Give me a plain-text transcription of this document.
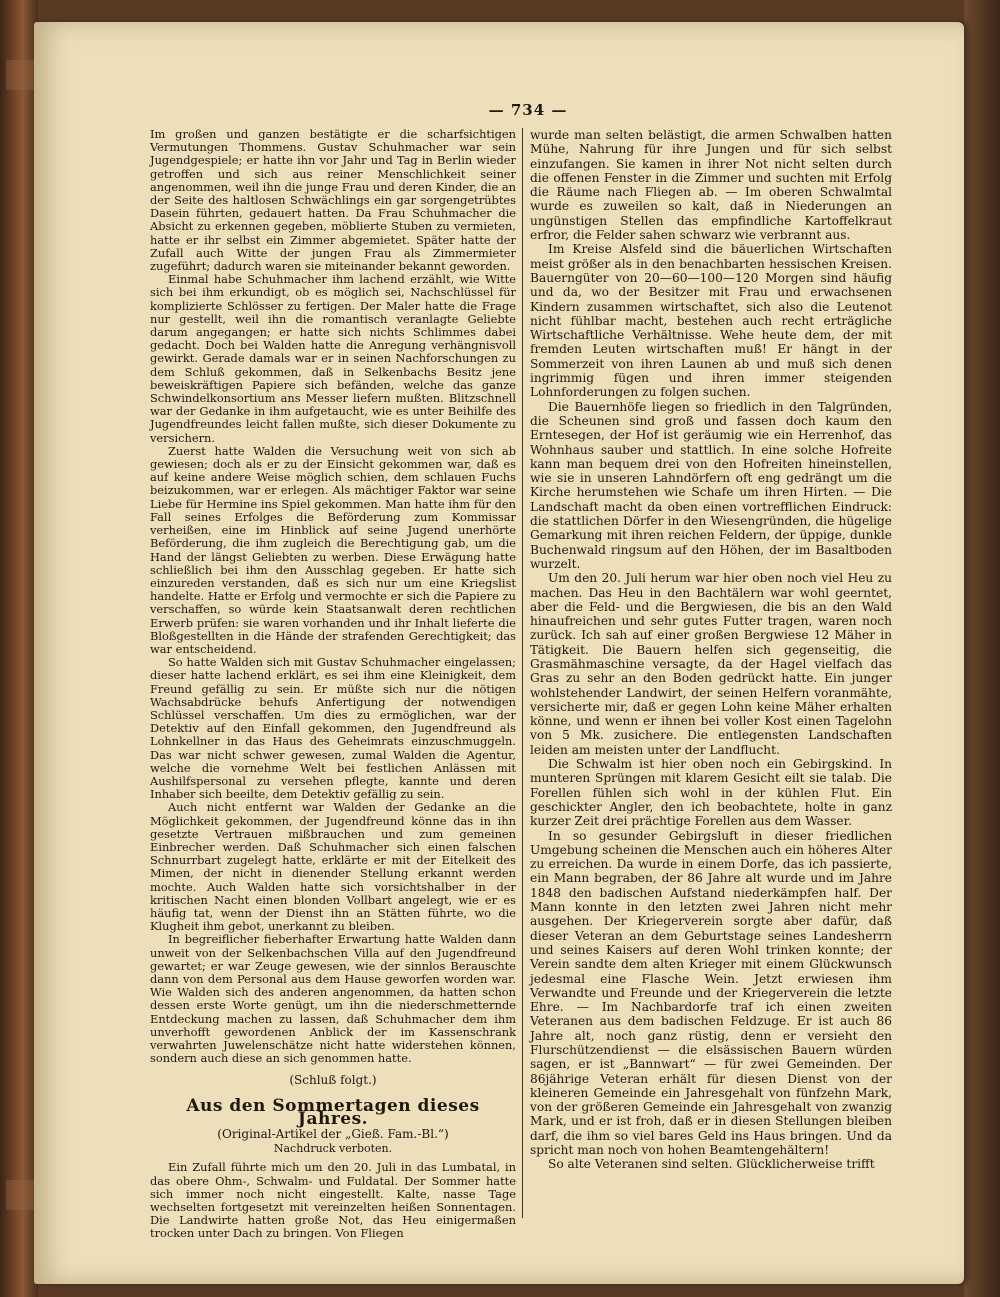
— 734 —

Im großen und ganzen bestätigte er die scharfsichtigen Vermutungen Thommens. Gustav Schuhmacher war sein Jugendgespiele; er hatte ihn vor Jahr und Tag in Berlin wieder getroffen und sich aus reiner Menschlichkeit seiner angenommen, weil ihn die junge Frau und deren Kinder, die an der Seite des haltlosen Schwächlings ein gar sorgengetrübtes Dasein führten, gedauert hatten. Da Frau Schuhmacher die Absicht zu erkennen gegeben, möblierte Stuben zu vermieten, hatte er ihr selbst ein Zimmer abgemietet. Später hatte der Zufall auch Witte der jungen Frau als Zimmermieter zugeführt; dadurch waren sie miteinander bekannt geworden.

Einmal habe Schuhmacher ihm lachend erzählt, wie Witte sich bei ihm erkundigt, ob es möglich sei, Nachschlüssel für komplizierte Schlösser zu fertigen. Der Maler hatte die Frage nur gestellt, weil ihn die romantisch veranlagte Geliebte darum angegangen; er hatte sich nichts Schlimmes dabei gedacht. Doch bei Walden hatte die Anregung verhängnisvoll gewirkt. Gerade damals war er in seinen Nachforschungen zu dem Schluß gekommen, daß in Selkenbachs Besitz jene beweiskräftigen Papiere sich befänden, welche das ganze Schwindelkonsortium ans Messer liefern mußten. Blitzschnell war der Gedanke in ihm aufgetaucht, wie es unter Beihilfe des Jugendfreundes leicht fallen mußte, sich dieser Dokumente zu versichern.

Zuerst hatte Walden die Versuchung weit von sich ab gewiesen; doch als er zu der Einsicht gekommen war, daß es auf keine andere Weise möglich schien, dem schlauen Fuchs beizukommen, war er erlegen. Als mächtiger Faktor war seine Liebe für Hermine ins Spiel gekommen. Man hatte ihm für den Fall seines Erfolges die Beförderung zum Kommissar verheißen, eine im Hinblick auf seine Jugend unerhörte Beförderung, die ihm zugleich die Berechtigung gab, um die Hand der längst Geliebten zu werben. Diese Erwägung hatte schließlich bei ihm den Ausschlag gegeben. Er hatte sich einzureden verstanden, daß es sich nur um eine Kriegslist handelte. Hatte er Erfolg und vermochte er sich die Papiere zu verschaffen, so würde kein Staatsanwalt deren rechtlichen Erwerb prüfen: sie waren vorhanden und ihr Inhalt lieferte die Bloßgestellten in die Hände der strafenden Gerechtigkeit; das war entscheidend.

So hatte Walden sich mit Gustav Schuhmacher eingelassen; dieser hatte lachend erklärt, es sei ihm eine Kleinigkeit, dem Freund gefällig zu sein. Er müßte sich nur die nötigen Wachsabdrücke behufs Anfertigung der notwendigen Schlüssel verschaffen. Um dies zu ermöglichen, war der Detektiv auf den Einfall gekommen, den Jugendfreund als Lohnkellner in das Haus des Geheimrats einzuschmuggeln. Das war nicht schwer gewesen, zumal Walden die Agentur, welche die vornehme Welt bei festlichen Anlässen mit Aushilfspersonal zu versehen pflegte, kannte und deren Inhaber sich beeilte, dem Detektiv gefällig zu sein.

Auch nicht entfernt war Walden der Gedanke an die Möglichkeit gekommen, der Jugendfreund könne das in ihn gesetzte Vertrauen mißbrauchen und zum gemeinen Einbrecher werden. Daß Schuhmacher sich einen falschen Schnurrbart zugelegt hatte, erklärte er mit der Eitelkeit des Mimen, der nicht in dienender Stellung erkannt werden mochte. Auch Walden hatte sich vorsichtshalber in der kritischen Nacht einen blonden Vollbart angelegt, wie er es häufig tat, wenn der Dienst ihn an Stätten führte, wo die Klugheit ihm gebot, unerkannt zu bleiben.

In begreiflicher fieberhafter Erwartung hatte Walden dann unweit von der Selkenbachschen Villa auf den Jugendfreund gewartet; er war Zeuge gewesen, wie der sinnlos Berauschte dann von dem Personal aus dem Hause geworfen worden war. Wie Walden sich des anderen angenommen, da hatten schon dessen erste Worte genügt, um ihn die niederschmetternde Entdeckung machen zu lassen, daß Schuhmacher dem ihm unverhofft gewordenen Anblick der im Kassenschrank verwahrten Juwelenschätze nicht hatte widerstehen können, sondern auch diese an sich genommen hatte.

(Schluß folgt.)
Aus den Sommertagen dieses Jahres.
(Original-Artikel der „Gieß. Fam.-Bl.“)
Nachdruck verboten.

Ein Zufall führte mich um den 20. Juli in das Lumbatal, in das obere Ohm-, Schwalm- und Fuldatal. Der Sommer hatte sich immer noch nicht eingestellt. Kalte, nasse Tage wechselten fortgesetzt mit vereinzelten heißen Sonnentagen. Die Landwirte hatten große Not, das Heu einigermaßen trocken unter Dach zu bringen. Von Fliegen

wurde man selten belästigt, die armen Schwalben hatten Mühe, Nahrung für ihre Jungen und für sich selbst einzufangen. Sie kamen in ihrer Not nicht selten durch die offenen Fenster in die Zimmer und suchten mit Erfolg die Räume nach Fliegen ab. — Im oberen Schwalmtal wurde es zuweilen so kalt, daß in Niederungen an ungünstigen Stellen das empfindliche Kartoffelkraut erfror, die Felder sahen schwarz wie verbrannt aus.

Im Kreise Alsfeld sind die bäuerlichen Wirtschaften meist größer als in den benachbarten hessischen Kreisen. Bauerngüter von 20—60—100—120 Morgen sind häufig und da, wo der Besitzer mit Frau und erwachsenen Kindern zusammen wirtschaftet, sich also die Leutenot nicht fühlbar macht, bestehen auch recht erträgliche Wirtschaftliche Verhältnisse. Wehe heute dem, der mit fremden Leuten wirtschaften muß! Er hängt in der Sommerzeit von ihren Launen ab und muß sich denen ingrimmig fügen und ihren immer steigenden Lohnforderungen zu folgen suchen.

Die Bauernhöfe liegen so friedlich in den Talgründen, die Scheunen sind groß und fassen doch kaum den Erntesegen, der Hof ist geräumig wie ein Herrenhof, das Wohnhaus sauber und stattlich. In eine solche Hofreite kann man bequem drei von den Hofreiten hineinstellen, wie sie in unseren Lahndörfern oft eng gedrängt um die Kirche herumstehen wie Schafe um ihren Hirten. — Die Landschaft macht da oben einen vortrefflichen Eindruck: die stattlichen Dörfer in den Wiesengründen, die hügelige Gemarkung mit ihren reichen Feldern, der üppige, dunkle Buchenwald ringsum auf den Höhen, der im Basaltboden wurzelt.

Um den 20. Juli herum war hier oben noch viel Heu zu machen. Das Heu in den Bachtälern war wohl geerntet, aber die Feld- und die Bergwiesen, die bis an den Wald hinaufreichen und sehr gutes Futter tragen, waren noch zurück. Ich sah auf einer großen Bergwiese 12 Mäher in Tätigkeit. Die Bauern helfen sich gegenseitig, die Grasmähmaschine versagte, da der Hagel vielfach das Gras zu sehr an den Boden gedrückt hatte. Ein junger wohlstehender Landwirt, der seinen Helfern voranmähte, versicherte mir, daß er gegen Lohn keine Mäher erhalten könne, und wenn er ihnen bei voller Kost einen Tagelohn von 5 Mk. zusichere. Die entlegensten Landschaften leiden am meisten unter der Landflucht.

Die Schwalm ist hier oben noch ein Gebirgskind. In munteren Sprüngen mit klarem Gesicht eilt sie talab. Die Forellen fühlen sich wohl in der kühlen Flut. Ein geschickter Angler, den ich beobachtete, holte in ganz kurzer Zeit drei prächtige Forellen aus dem Wasser.

In so gesunder Gebirgsluft in dieser friedlichen Umgebung scheinen die Menschen auch ein höheres Alter zu erreichen. Da wurde in einem Dorfe, das ich passierte, ein Mann begraben, der 86 Jahre alt wurde und im Jahre 1848 den badischen Aufstand niederkämpfen half. Der Mann konnte in den letzten zwei Jahren nicht mehr ausgehen. Der Kriegerverein sorgte aber dafür, daß dieser Veteran an dem Geburtstage seines Landesherrn und seines Kaisers auf deren Wohl trinken konnte; der Verein sandte dem alten Krieger mit einem Glückwunsch jedesmal eine Flasche Wein. Jetzt erwiesen ihm Verwandte und Freunde und der Kriegerverein die letzte Ehre. — Im Nachbardorfe traf ich einen zweiten Veteranen aus dem badischen Feldzuge. Er ist auch 86 Jahre alt, noch ganz rüstig, denn er versieht den Flurschützendienst — die elsässischen Bauern würden sagen, er ist „Bannwart“ — für zwei Gemeinden. Der 86jährige Veteran erhält für diesen Dienst von der kleineren Gemeinde ein Jahresgehalt von fünfzehn Mark, von der größeren Gemeinde ein Jahresgehalt von zwanzig Mark, und er ist froh, daß er in diesen Stellungen bleiben darf, die ihm so viel bares Geld ins Haus bringen. Und da spricht man noch von hohen Beamtengehältern!

So alte Veteranen sind selten. Glücklicherweise trifft
